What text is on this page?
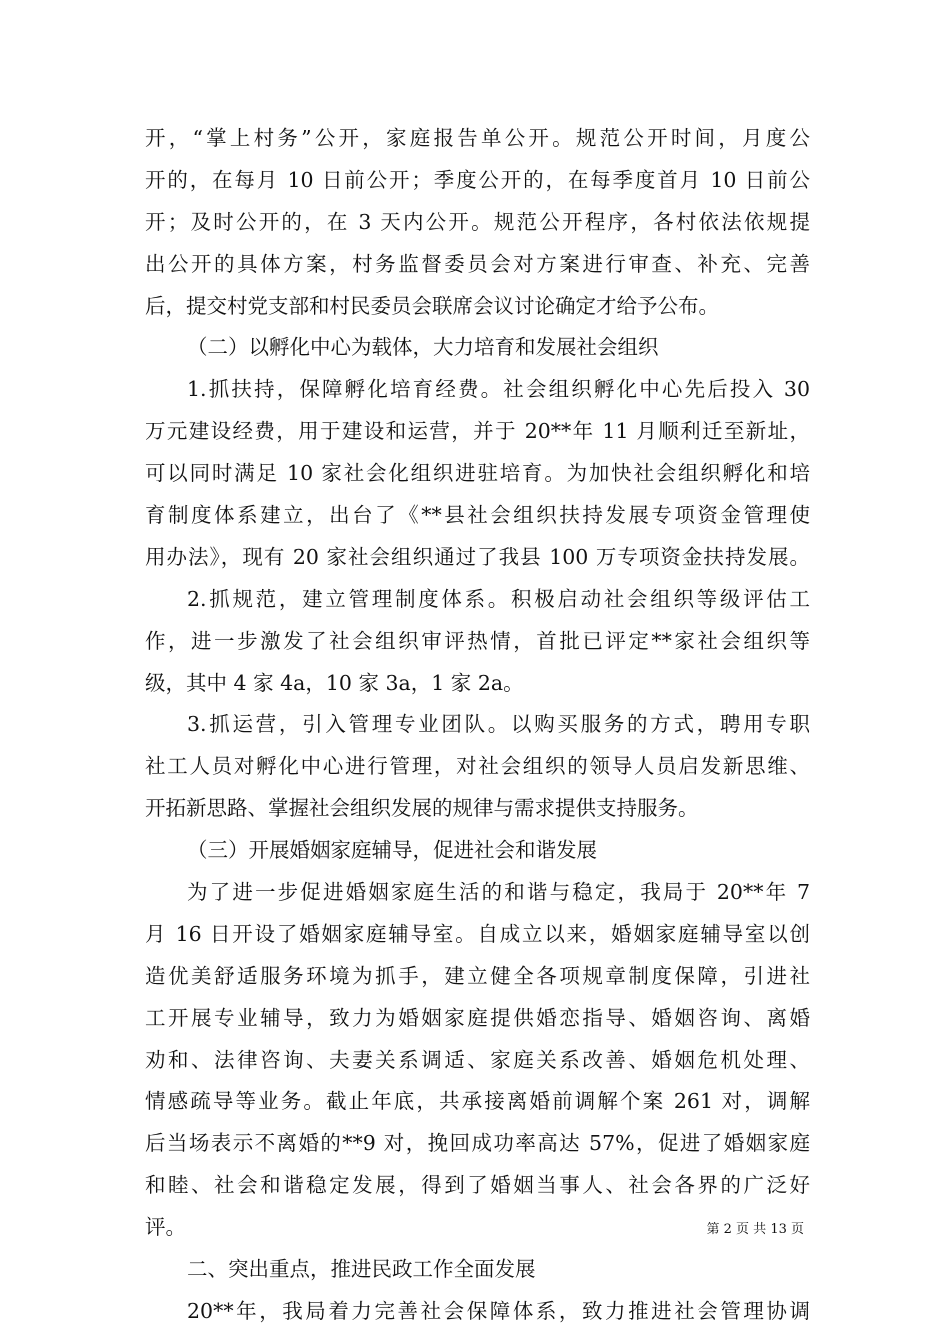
开，“掌上村务”公开，家庭报告单公开。规范公开时间，月度公
开的，在每月 10 日前公开；季度公开的，在每季度首月 10 日前公
开；及时公开的，在 3 天内公开。规范公开程序，各村依法依规提
出公开的具体方案，村务监督委员会对方案进行审查、补充、完善
后，提交村党支部和村民委员会联席会议讨论确定才给予公布。
（二）以孵化中心为载体，大力培育和发展社会组织
1.抓扶持，保障孵化培育经费。社会组织孵化中心先后投入 30
万元建设经费，用于建设和运营，并于 20**年 11 月顺利迁至新址，
可以同时满足 10 家社会化组织进驻培育。为加快社会组织孵化和培
育制度体系建立，出台了《**县社会组织扶持发展专项资金管理使
用办法》，现有 20 家社会组织通过了我县 100 万专项资金扶持发展。
2.抓规范，建立管理制度体系。积极启动社会组织等级评估工
作，进一步激发了社会组织审评热情，首批已评定**家社会组织等
级，其中 4 家 4a，10 家 3a，1 家 2a。
3.抓运营，引入管理专业团队。以购买服务的方式，聘用专职
社工人员对孵化中心进行管理，对社会组织的领导人员启发新思维、
开拓新思路、掌握社会组织发展的规律与需求提供支持服务。
（三）开展婚姻家庭辅导，促进社会和谐发展
为了进一步促进婚姻家庭生活的和谐与稳定，我局于 20**年 7
月 16 日开设了婚姻家庭辅导室。自成立以来，婚姻家庭辅导室以创
造优美舒适服务环境为抓手，建立健全各项规章制度保障，引进社
工开展专业辅导，致力为婚姻家庭提供婚恋指导、婚姻咨询、离婚
劝和、法律咨询、夫妻关系调适、家庭关系改善、婚姻危机处理、
情感疏导等业务。截止年底，共承接离婚前调解个案 261 对，调解
后当场表示不离婚的**9 对，挽回成功率高达 57%，促进了婚姻家庭
和睦、社会和谐稳定发展，得到了婚姻当事人、社会各界的广泛好
评。
二、突出重点，推进民政工作全面发展
20**年，我局着力完善社会保障体系，致力推进社会管理协调
第 2 页 共 13 页
